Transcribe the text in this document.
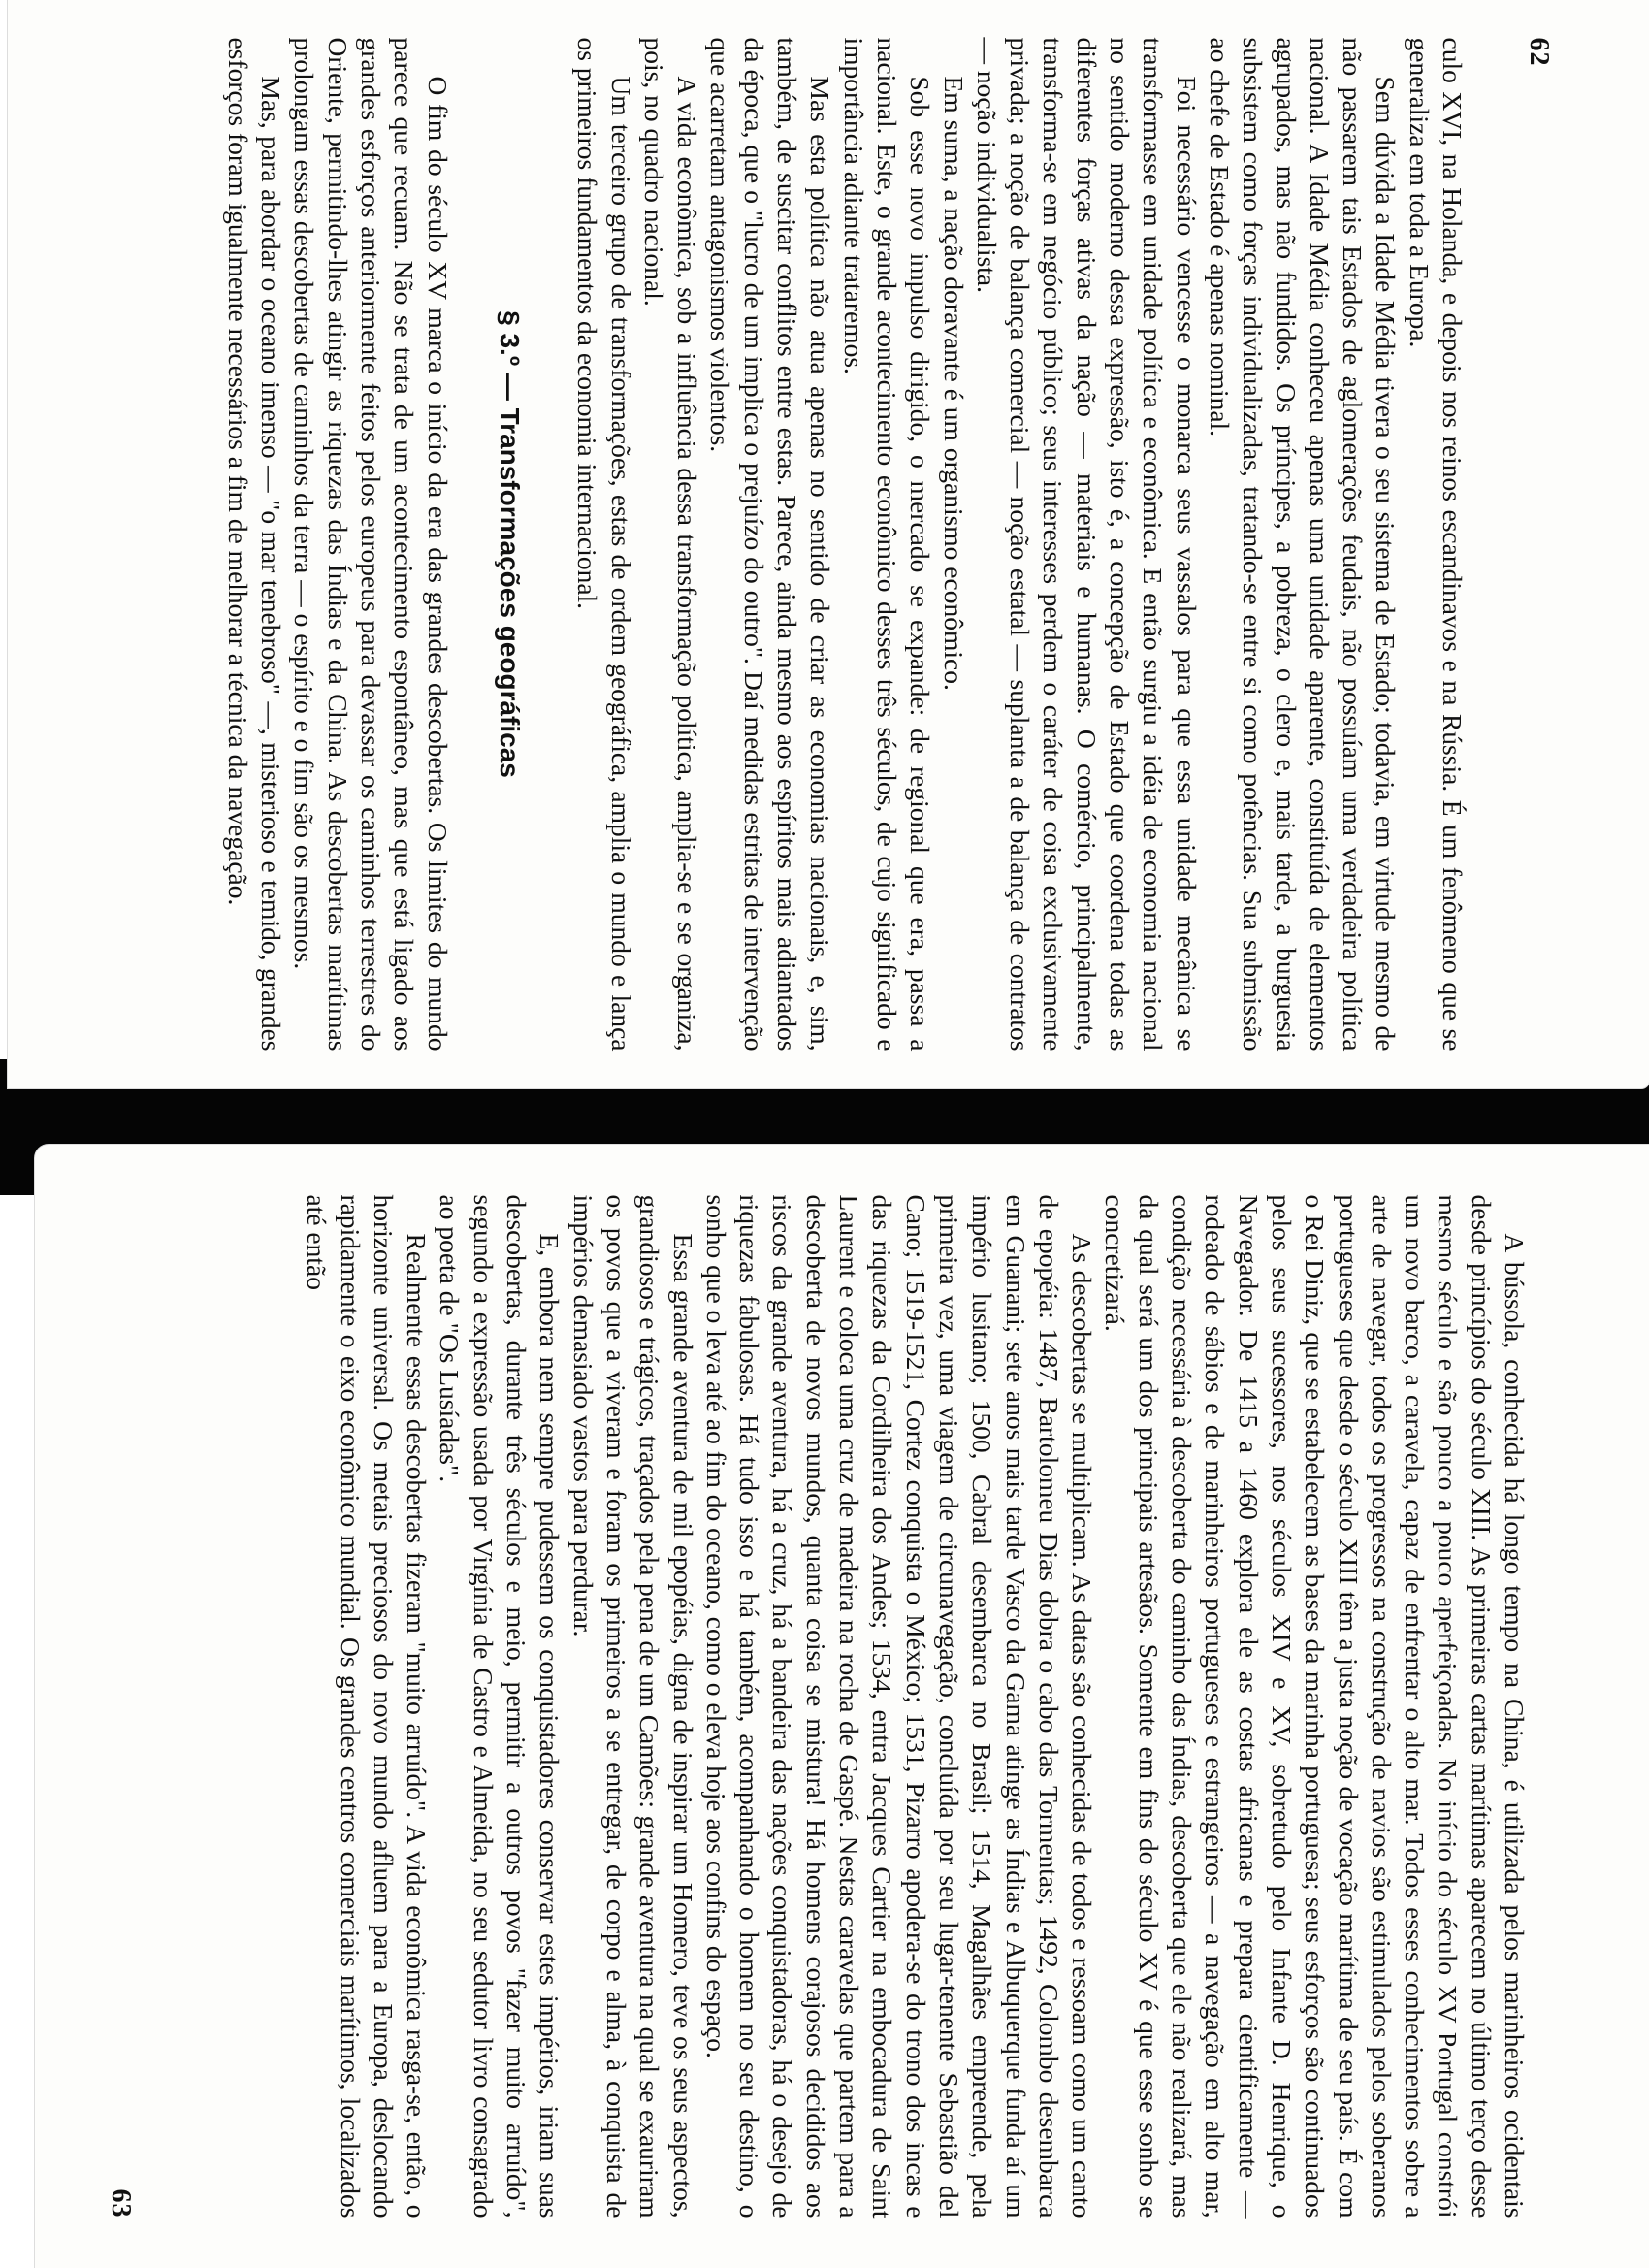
62

culo XVI, na Holanda, e depois nos reinos escandinavos e na Rússia. É um fenômeno que se generaliza em toda a Europa.

Sem dúvida a Idade Média tivera o seu sistema de Estado; todavia, em virtude mesmo de não passarem tais Estados de aglomerações feudais, não possuíam uma verdadeira política nacional. A Idade Média conheceu apenas uma unidade aparente, constituída de elementos agrupados, mas não fundidos. Os príncipes, a pobreza, o clero e, mais tarde, a burguesia subsistem como forças individualizadas, tratando-se entre si como potências. Sua submissão ao chefe de Estado é apenas nominal.

Foi necessário vencesse o monarca seus vassalos para que essa unidade mecânica se transformasse em unidade política e econômica. E então surgiu a idéia de economia nacional no sentido moderno dessa expressão, isto é, a concepção de Estado que coordena todas as diferentes forças ativas da nação — materiais e humanas. O comércio, principalmente, transforma-se em negócio público; seus interesses perdem o caráter de coisa exclusivamente privada; a noção de balança comercial — noção estatal — suplanta a de balança de contratos — noção individualista.

Em suma, a nação doravante é um organismo econômico.

Sob esse novo impulso dirigido, o mercado se expande: de regional que era, passa a nacional. Este, o grande acontecimento econômico desses três séculos, de cujo significado e importância adiante trataremos.

Mas esta política não atua apenas no sentido de criar as economias nacionais, e, sim, também, de suscitar conflitos entre estas. Parece, ainda mesmo aos espíritos mais adiantados da época, que o "lucro de um implica o prejuízo do outro". Daí medidas estritas de intervenção que acarretam antagonismos violentos.

A vida econômica, sob a influência dessa transformação política, amplia-se e se organiza, pois, no quadro nacional.

Um terceiro grupo de transformações, estas de ordem geográfica, amplia o mundo e lança os primeiros fundamentos da economia internacional.

§ 3.º — Transformações geográficas

O fim do século XV marca o início da era das grandes descobertas. Os limites do mundo parece que recuam. Não se trata de um acontecimento espontâneo, mas que está ligado aos grandes esforços anteriormente feitos pelos europeus para devassar os caminhos terrestres do Oriente, permitindo-lhes atingir as riquezas das Índias e da China. As descobertas marítimas prolongam essas descobertas de caminhos da terra — o espírito e o fim são os mesmos.

Mas, para abordar o oceano imenso — "o mar tenebroso" —, misterioso e temido, grandes esforços foram igualmente necessários a fim de melhorar a técnica da navegação.

A bússola, conhecida há longo tempo na China, é utilizada pelos marinheiros ocidentais desde princípios do século XIII. As primeiras cartas marítimas aparecem no último terço desse mesmo século e são pouco a pouco aperfeiçoadas. No início do século XV Portugal constrói um novo barco, a caravela, capaz de enfrentar o alto mar. Todos esses conhecimentos sobre a arte de navegar, todos os progressos na construção de navios são estimulados pelos soberanos portugueses que desde o século XIII têm a justa noção de vocação marítima de seu país. É com o Rei Diniz, que se estabelecem as bases da marinha portuguesa; seus esforços são continuados pelos seus sucessores, nos séculos XIV e XV, sobretudo pelo Infante D. Henrique, o Navegador. De 1415 a 1460 explora ele as costas africanas e prepara cientificamente — rodeado de sábios e de marinheiros portugueses e estrangeiros — a navegação em alto mar, condição necessária à descoberta do caminho das Índias, descoberta que ele não realizará, mas da qual será um dos principais artesãos. Somente em fins do século XV é que esse sonho se concretizará.

As descobertas se multiplicam. As datas são conhecidas de todos e ressoam como um canto de epopéia: 1487, Bartolomeu Dias dobra o cabo das Tormentas; 1492, Colombo desembarca em Guanani; sete anos mais tarde Vasco da Gama atinge as Índias e Albuquerque funda aí um império lusitano; 1500, Cabral desembarca no Brasil; 1514, Magalhães empreende, pela primeira vez, uma viagem de circunavegação, concluída por seu lugar-tenente Sebastião del Cano; 1519-1521, Cortez conquista o México; 1531, Pizarro apodera-se do trono dos incas e das riquezas da Cordilheira dos Andes; 1534, entra Jacques Cartier na embocadura de Saint Laurent e coloca uma cruz de madeira na rocha de Gaspé. Nestas caravelas que partem para a descoberta de novos mundos, quanta coisa se mistura! Há homens corajosos decididos aos riscos da grande aventura, há a cruz, há a bandeira das nações conquistadoras, há o desejo de riquezas fabulosas. Há tudo isso e há também, acompanhando o homem no seu destino, o sonho que o leva até ao fim do oceano, como o eleva hoje aos confins do espaço.

Essa grande aventura de mil epopéias, digna de inspirar um Homero, teve os seus aspectos, grandiosos e trágicos, traçados pela pena de um Camões: grande aventura na qual se exauriram os povos que a viveram e foram os primeiros a se entregar, de corpo e alma, à conquista de impérios demasiado vastos para perdurar.

E, embora nem sempre pudessem os conquistadores conservar estes impérios, iriam suas descobertas, durante três séculos e meio, permitir a outros povos "fazer muito arruído", segundo a expressão usada por Virgínia de Castro e Almeida, no seu sedutor livro consagrado ao poeta de "Os Lusíadas".

Realmente essas descobertas fizeram "muito arruído". A vida econômica rasga-se, então, o horizonte universal. Os metais preciosos do novo mundo afluem para a Europa, deslocando rapidamente o eixo econômico mundial. Os grandes centros comerciais marítimos, localizados até então

63
